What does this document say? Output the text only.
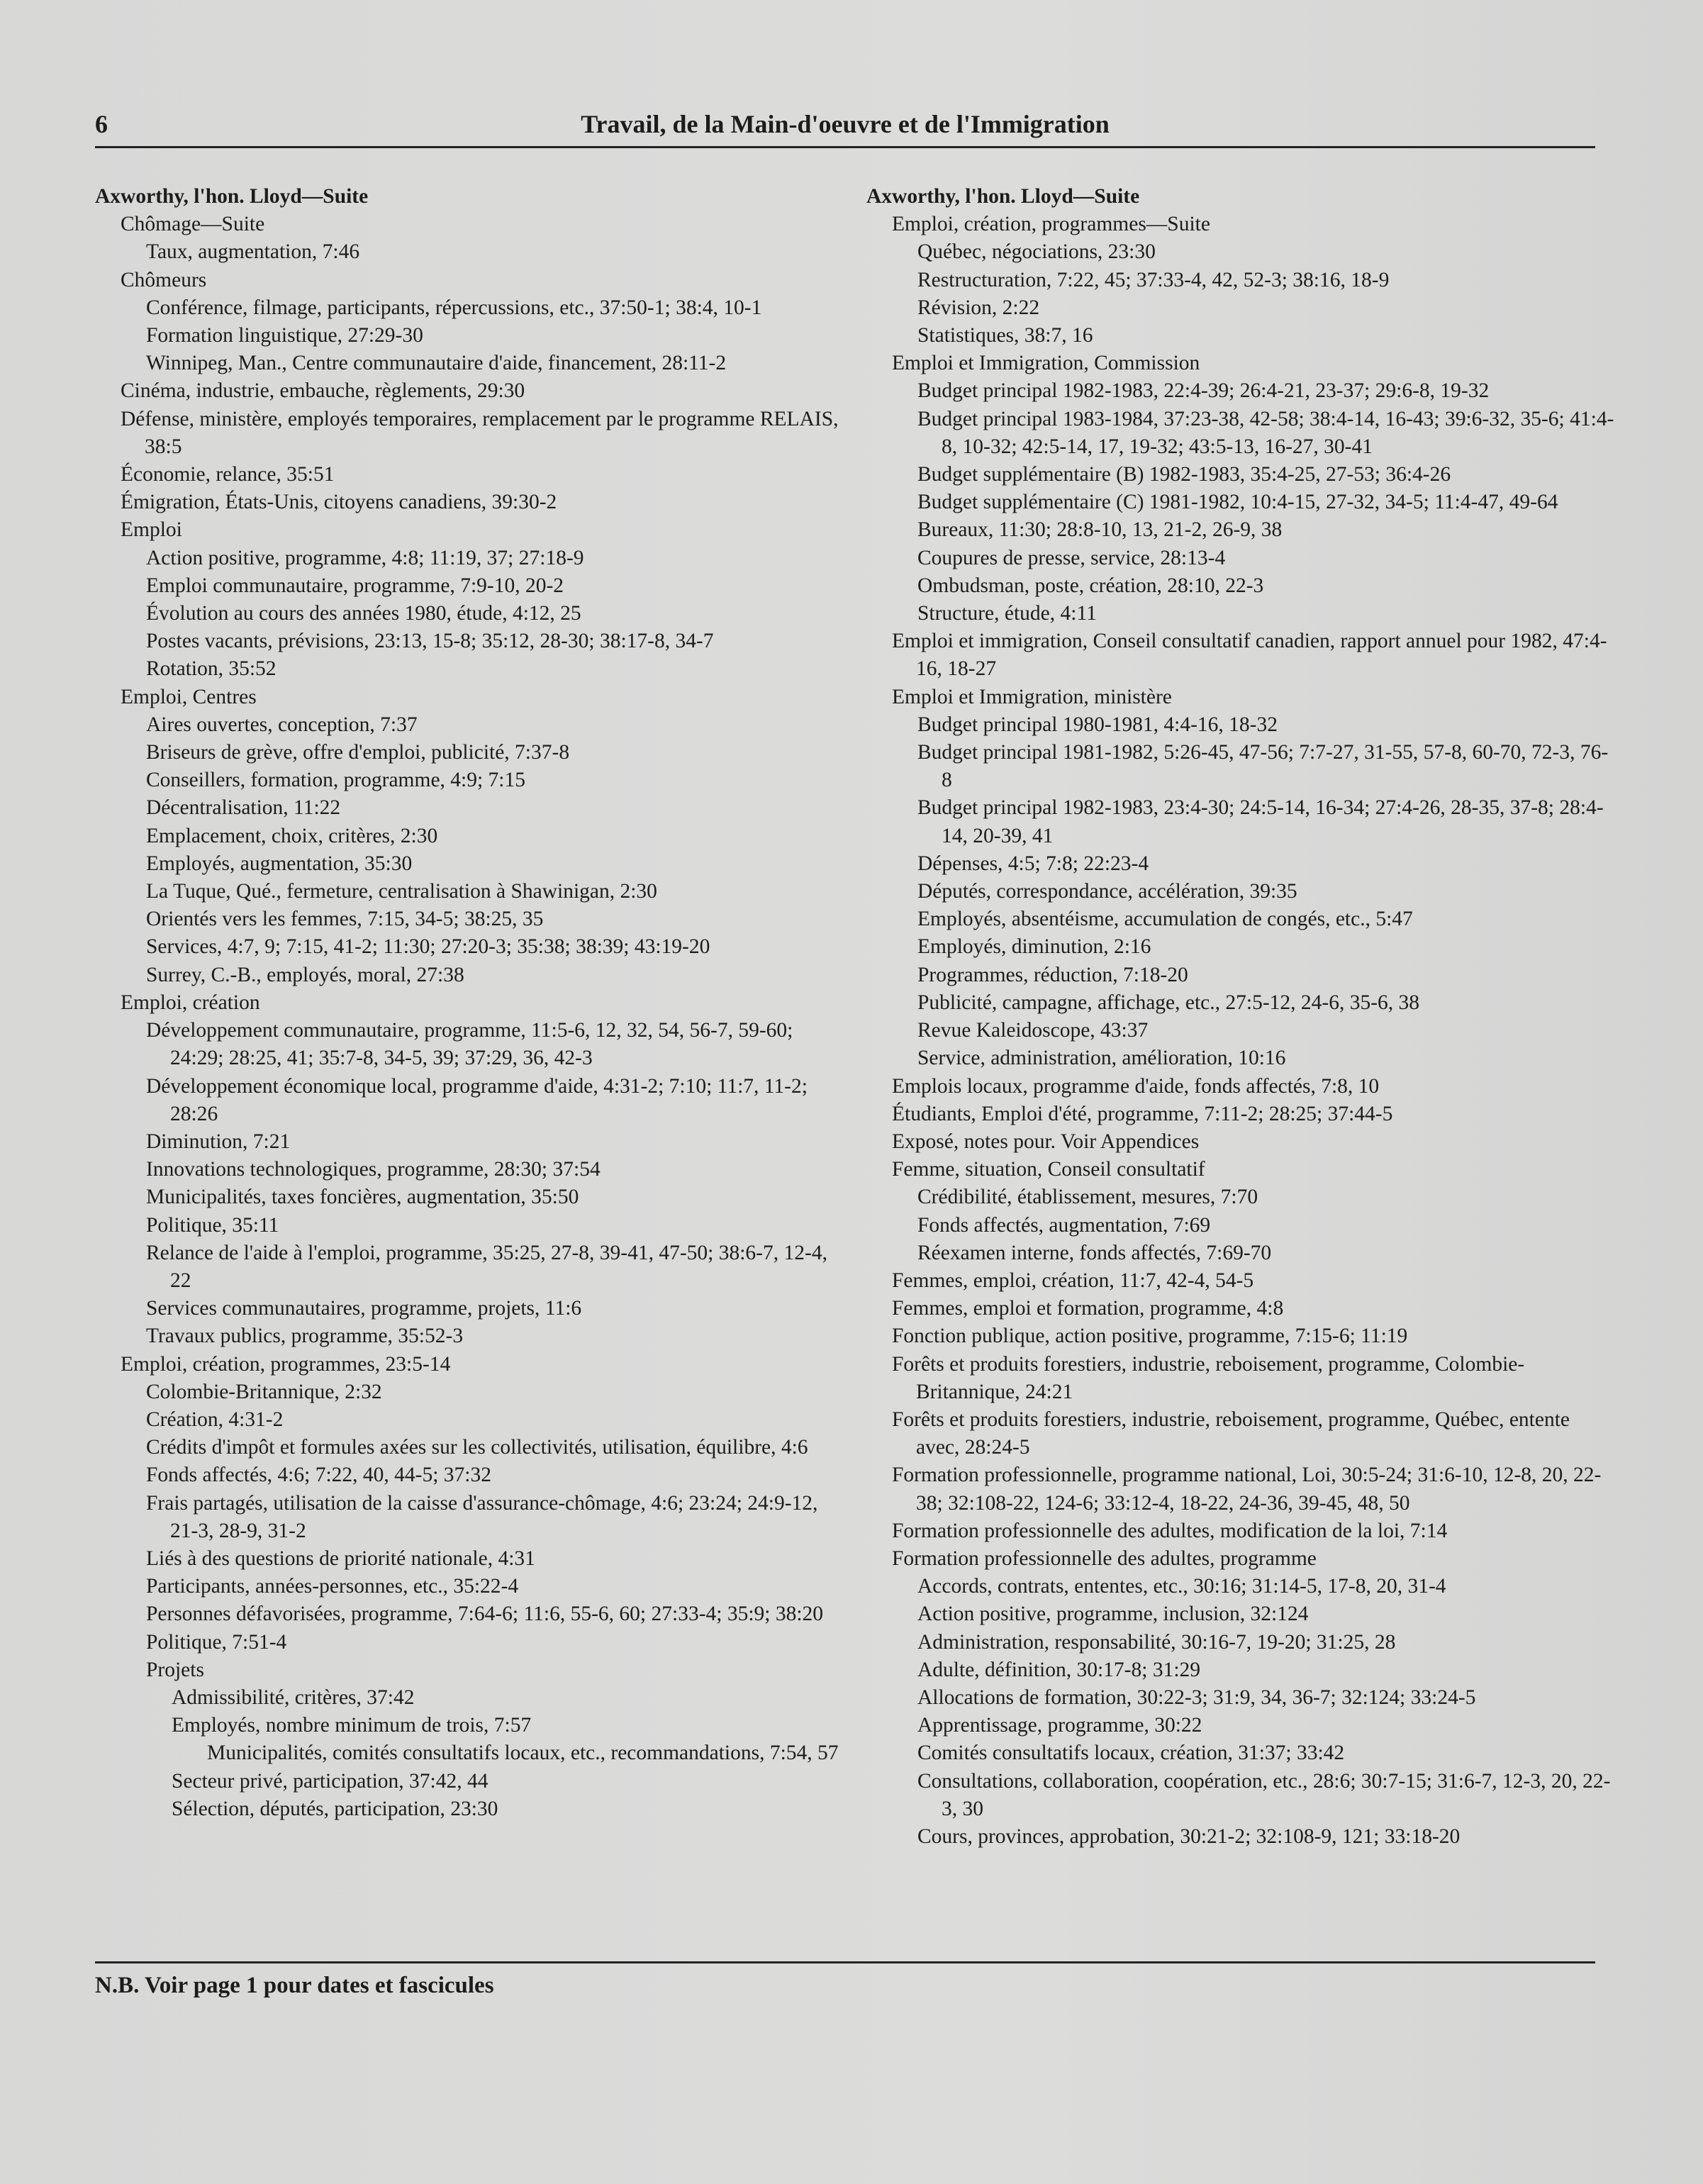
6	Travail, de la Main-d'oeuvre et de l'Immigration
Axworthy, l'hon. Lloyd—Suite
Chômage—Suite
Taux, augmentation, 7:46
Chômeurs
Conférence, filmage, participants, répercussions, etc., 37:50-1; 38:4, 10-1
Formation linguistique, 27:29-30
Winnipeg, Man., Centre communautaire d'aide, financement, 28:11-2
Cinéma, industrie, embauche, règlements, 29:30
Défense, ministère, employés temporaires, remplacement par le programme RELAIS, 38:5
Économie, relance, 35:51
Émigration, États-Unis, citoyens canadiens, 39:30-2
Emploi
Action positive, programme, 4:8; 11:19, 37; 27:18-9
Emploi communautaire, programme, 7:9-10, 20-2
Évolution au cours des années 1980, étude, 4:12, 25
Postes vacants, prévisions, 23:13, 15-8; 35:12, 28-30; 38:17-8, 34-7
Rotation, 35:52
Emploi, Centres
Aires ouvertes, conception, 7:37
Briseurs de grève, offre d'emploi, publicité, 7:37-8
Conseillers, formation, programme, 4:9; 7:15
Décentralisation, 11:22
Emplacement, choix, critères, 2:30
Employés, augmentation, 35:30
La Tuque, Qué., fermeture, centralisation à Shawinigan, 2:30
Orientés vers les femmes, 7:15, 34-5; 38:25, 35
Services, 4:7, 9; 7:15, 41-2; 11:30; 27:20-3; 35:38; 38:39; 43:19-20
Surrey, C.-B., employés, moral, 27:38
Emploi, création
Développement communautaire, programme, 11:5-6, 12, 32, 54, 56-7, 59-60; 24:29; 28:25, 41; 35:7-8, 34-5, 39; 37:29, 36, 42-3
Développement économique local, programme d'aide, 4:31-2; 7:10; 11:7, 11-2; 28:26
Diminution, 7:21
Innovations technologiques, programme, 28:30; 37:54
Municipalités, taxes foncières, augmentation, 35:50
Politique, 35:11
Relance de l'aide à l'emploi, programme, 35:25, 27-8, 39-41, 47-50; 38:6-7, 12-4, 22
Services communautaires, programme, projets, 11:6
Travaux publics, programme, 35:52-3
Emploi, création, programmes, 23:5-14
Colombie-Britannique, 2:32
Création, 4:31-2
Crédits d'impôt et formules axées sur les collectivités, utilisation, équilibre, 4:6
Fonds affectés, 4:6; 7:22, 40, 44-5; 37:32
Frais partagés, utilisation de la caisse d'assurance-chômage, 4:6; 23:24; 24:9-12, 21-3, 28-9, 31-2
Liés à des questions de priorité nationale, 4:31
Participants, années-personnes, etc., 35:22-4
Personnes défavorisées, programme, 7:64-6; 11:6, 55-6, 60; 27:33-4; 35:9; 38:20
Politique, 7:51-4
Projets
Admissibilité, critères, 37:42
Employés, nombre minimum de trois, 7:57
Municipalités, comités consultatifs locaux, etc., recommandations, 7:54, 57
Secteur privé, participation, 37:42, 44
Sélection, députés, participation, 23:30
Axworthy, l'hon. Lloyd—Suite
Emploi, création, programmes—Suite
Québec, négociations, 23:30
Restructuration, 7:22, 45; 37:33-4, 42, 52-3; 38:16, 18-9
Révision, 2:22
Statistiques, 38:7, 16
Emploi et Immigration, Commission
Budget principal 1982-1983, 22:4-39; 26:4-21, 23-37; 29:6-8, 19-32
Budget principal 1983-1984, 37:23-38, 42-58; 38:4-14, 16-43; 39:6-32, 35-6; 41:4-8, 10-32; 42:5-14, 17, 19-32; 43:5-13, 16-27, 30-41
Budget supplémentaire (B) 1982-1983, 35:4-25, 27-53; 36:4-26
Budget supplémentaire (C) 1981-1982, 10:4-15, 27-32, 34-5; 11:4-47, 49-64
Bureaux, 11:30; 28:8-10, 13, 21-2, 26-9, 38
Coupures de presse, service, 28:13-4
Ombudsman, poste, création, 28:10, 22-3
Structure, étude, 4:11
Emploi et immigration, Conseil consultatif canadien, rapport annuel pour 1982, 47:4-16, 18-27
Emploi et Immigration, ministère
Budget principal 1980-1981, 4:4-16, 18-32
Budget principal 1981-1982, 5:26-45, 47-56; 7:7-27, 31-55, 57-8, 60-70, 72-3, 76-8
Budget principal 1982-1983, 23:4-30; 24:5-14, 16-34; 27:4-26, 28-35, 37-8; 28:4-14, 20-39, 41
Dépenses, 4:5; 7:8; 22:23-4
Députés, correspondance, accélération, 39:35
Employés, absentéisme, accumulation de congés, etc., 5:47
Employés, diminution, 2:16
Programmes, réduction, 7:18-20
Publicité, campagne, affichage, etc., 27:5-12, 24-6, 35-6, 38
Revue Kaleidoscope, 43:37
Service, administration, amélioration, 10:16
Emplois locaux, programme d'aide, fonds affectés, 7:8, 10
Étudiants, Emploi d'été, programme, 7:11-2; 28:25; 37:44-5
Exposé, notes pour. Voir Appendices
Femme, situation, Conseil consultatif
Crédibilité, établissement, mesures, 7:70
Fonds affectés, augmentation, 7:69
Réexamen interne, fonds affectés, 7:69-70
Femmes, emploi, création, 11:7, 42-4, 54-5
Femmes, emploi et formation, programme, 4:8
Fonction publique, action positive, programme, 7:15-6; 11:19
Forêts et produits forestiers, industrie, reboisement, programme, Colombie-Britannique, 24:21
Forêts et produits forestiers, industrie, reboisement, programme, Québec, entente avec, 28:24-5
Formation professionnelle, programme national, Loi, 30:5-24; 31:6-10, 12-8, 20, 22-38; 32:108-22, 124-6; 33:12-4, 18-22, 24-36, 39-45, 48, 50
Formation professionnelle des adultes, modification de la loi, 7:14
Formation professionnelle des adultes, programme
Accords, contrats, ententes, etc., 30:16; 31:14-5, 17-8, 20, 31-4
Action positive, programme, inclusion, 32:124
Administration, responsabilité, 30:16-7, 19-20; 31:25, 28
Adulte, définition, 30:17-8; 31:29
Allocations de formation, 30:22-3; 31:9, 34, 36-7; 32:124; 33:24-5
Apprentissage, programme, 30:22
Comités consultatifs locaux, création, 31:37; 33:42
Consultations, collaboration, coopération, etc., 28:6; 30:7-15; 31:6-7, 12-3, 20, 22-3, 30
Cours, provinces, approbation, 30:21-2; 32:108-9, 121; 33:18-20
N.B. Voir page 1 pour dates et fascicules
